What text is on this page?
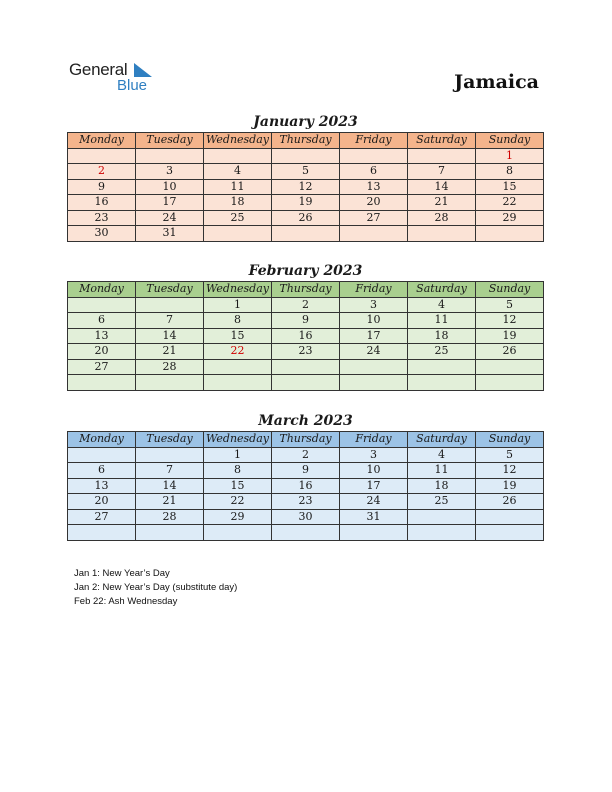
General
Blue	Jamaica
January 2023
Monday	Tuesday	Wednesday	Thursday	Friday	Saturday	Sunday
						1
2	3	4	5	6	7	8
9	10	11	12	13	14	15
16	17	18	19	20	21	22
23	24	25	26	27	28	29
30	31					
February 2023
Monday	Tuesday	Wednesday	Thursday	Friday	Saturday	Sunday
		1	2	3	4	5
6	7	8	9	10	11	12
13	14	15	16	17	18	19
20	21	22	23	24	25	26
27	28					

March 2023
Monday	Tuesday	Wednesday	Thursday	Friday	Saturday	Sunday
		1	2	3	4	5
6	7	8	9	10	11	12
13	14	15	16	17	18	19
20	21	22	23	24	25	26
27	28	29	30	31		

Jan 1: New Year’s Day
Jan 2: New Year’s Day (substitute day)
Feb 22: Ash Wednesday
